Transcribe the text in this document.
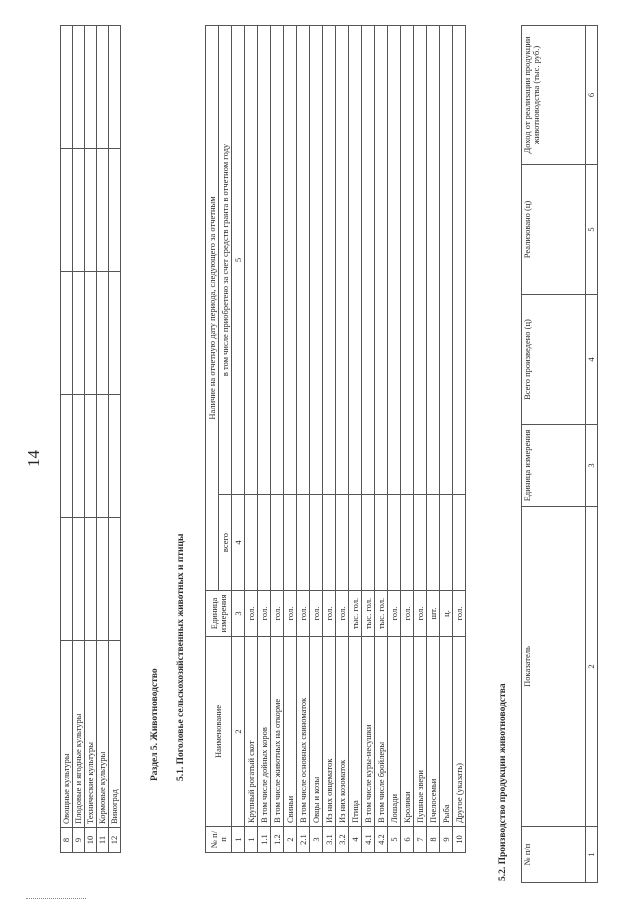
14
8	Овощные культуры					
9	Плодовые и ягодные культуры					
10	Технические культуры					
11	Кормовые культуры					
12	Виноград					
Раздел 5. Животноводство 5.1. Поголовье сельскохозяйственных животных и птицы
№ п/п	Наименование	Единица измерения	Наличие на отчетную дату периода, следующего за отчетным	
			всего	в том числе приобретено за счет средств гранта в отчетном году
1	2	3	4	5
1	Крупный рогатый скот	гол.		
1.1	В том числе дойных коров	гол.		
1.2	В том числе животных на откорме	гол.		
2	Свиньи	гол.		
2.1	В том числе основных свиноматок	гол.		
3	Овцы и козы	гол.		
3.1	Из них овцематок	гол.		
3.2	Из них козоматок	гол.		
4	Птица	тыс. гол.		
4.1	В том числе куры-несушки	тыс. гол.		
4.2	В том числе бройлеры	тыс. гол.		
5	Лошади	гол.		
6	Кролики	гол.		
7	Пушные звери	гол.		
8	Пчелосемьи	шт.		
9	Рыба	ц.		
10	Другое (указать)	гол.		
5.2. Производство продукции животноводства № п/п	Показатель	Единица измерения	Всего произведено (ц)	Реализовано (ц)	Доход от реализации продукции животноводства (тыс. руб.)
1	2	3	4	5	6
